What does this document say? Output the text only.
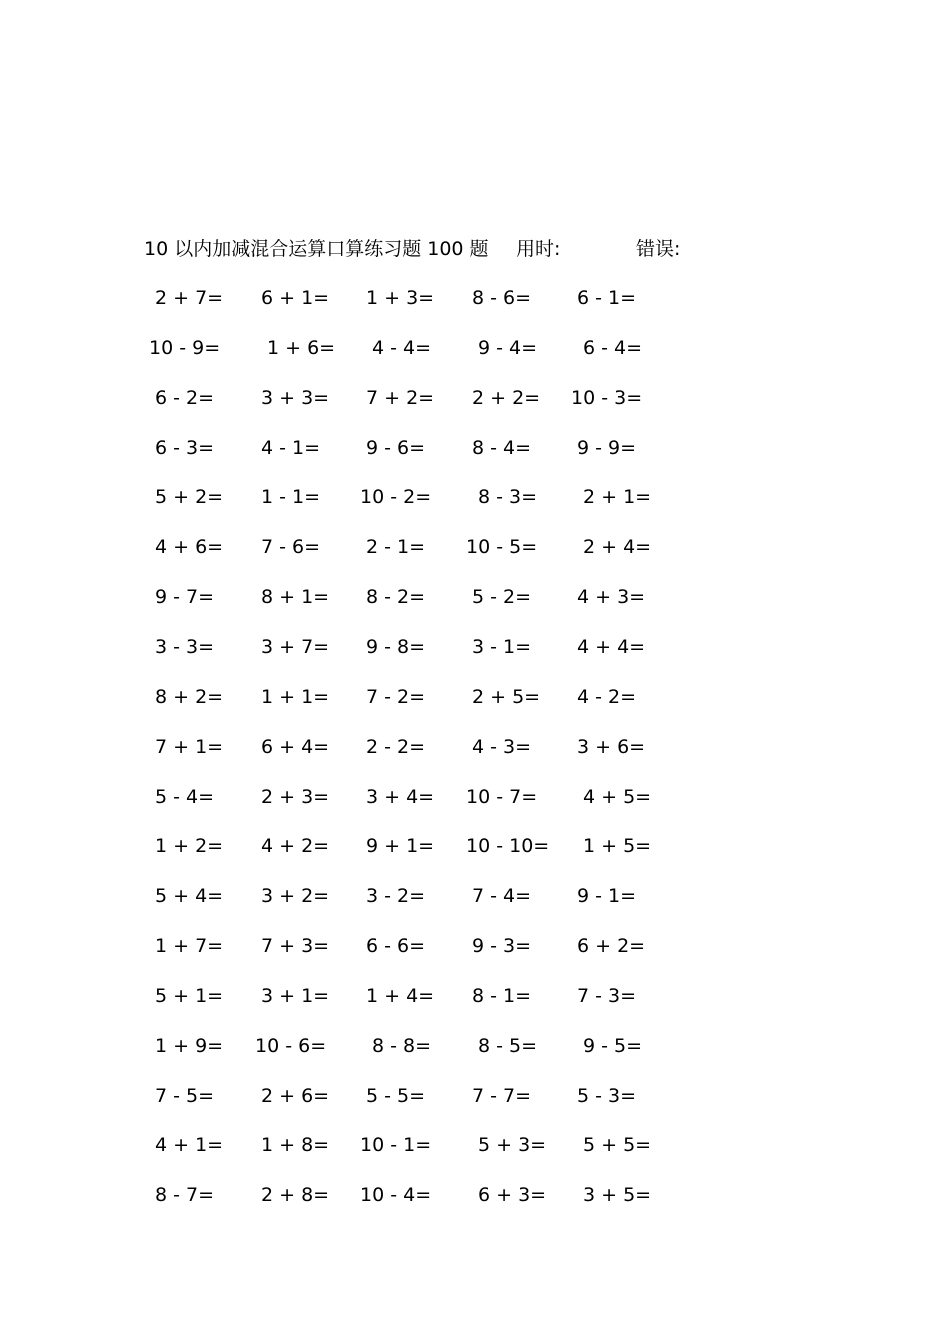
10 以内加减混合运算口算练习题 100 题 用时:	错误:
2 + 7=	6 + 1=	1 + 3=	8 - 6=	6 - 1=
10 - 9=	1 + 6=	4 - 4=	9 - 4=	6 - 4=
6 - 2=	3 + 3=	7 + 2=	2 + 2=	10 - 3=
6 - 3=	4 - 1=	9 - 6=	8 - 4=	9 - 9=
5 + 2=	1 - 1=	10 - 2=	8 - 3=	2 + 1=
4 + 6=	7 - 6=	2 - 1=	10 - 5=	2 + 4=
9 - 7=	8 + 1=	8 - 2=	5 - 2=	4 + 3=
3 - 3=	3 + 7=	9 - 8=	3 - 1=	4 + 4=
8 + 2=	1 + 1=	7 - 2=	2 + 5=	4 - 2=
7 + 1=	6 + 4=	2 - 2=	4 - 3=	3 + 6=
5 - 4=	2 + 3=	3 + 4=	10 - 7=	4 + 5=
1 + 2=	4 + 2=	9 + 1=	10 - 10=	1 + 5=
5 + 4=	3 + 2=	3 - 2=	7 - 4=	9 - 1=
1 + 7=	7 + 3=	6 - 6=	9 - 3=	6 + 2=
5 + 1=	3 + 1=	1 + 4=	8 - 1=	7 - 3=
1 + 9=	10 - 6=	8 - 8=	8 - 5=	9 - 5=
7 - 5=	2 + 6=	5 - 5=	7 - 7=	5 - 3=
4 + 1=	1 + 8=	10 - 1=	5 + 3=	5 + 5=
8 - 7=	2 + 8=	10 - 4=	6 + 3=	3 + 5=
